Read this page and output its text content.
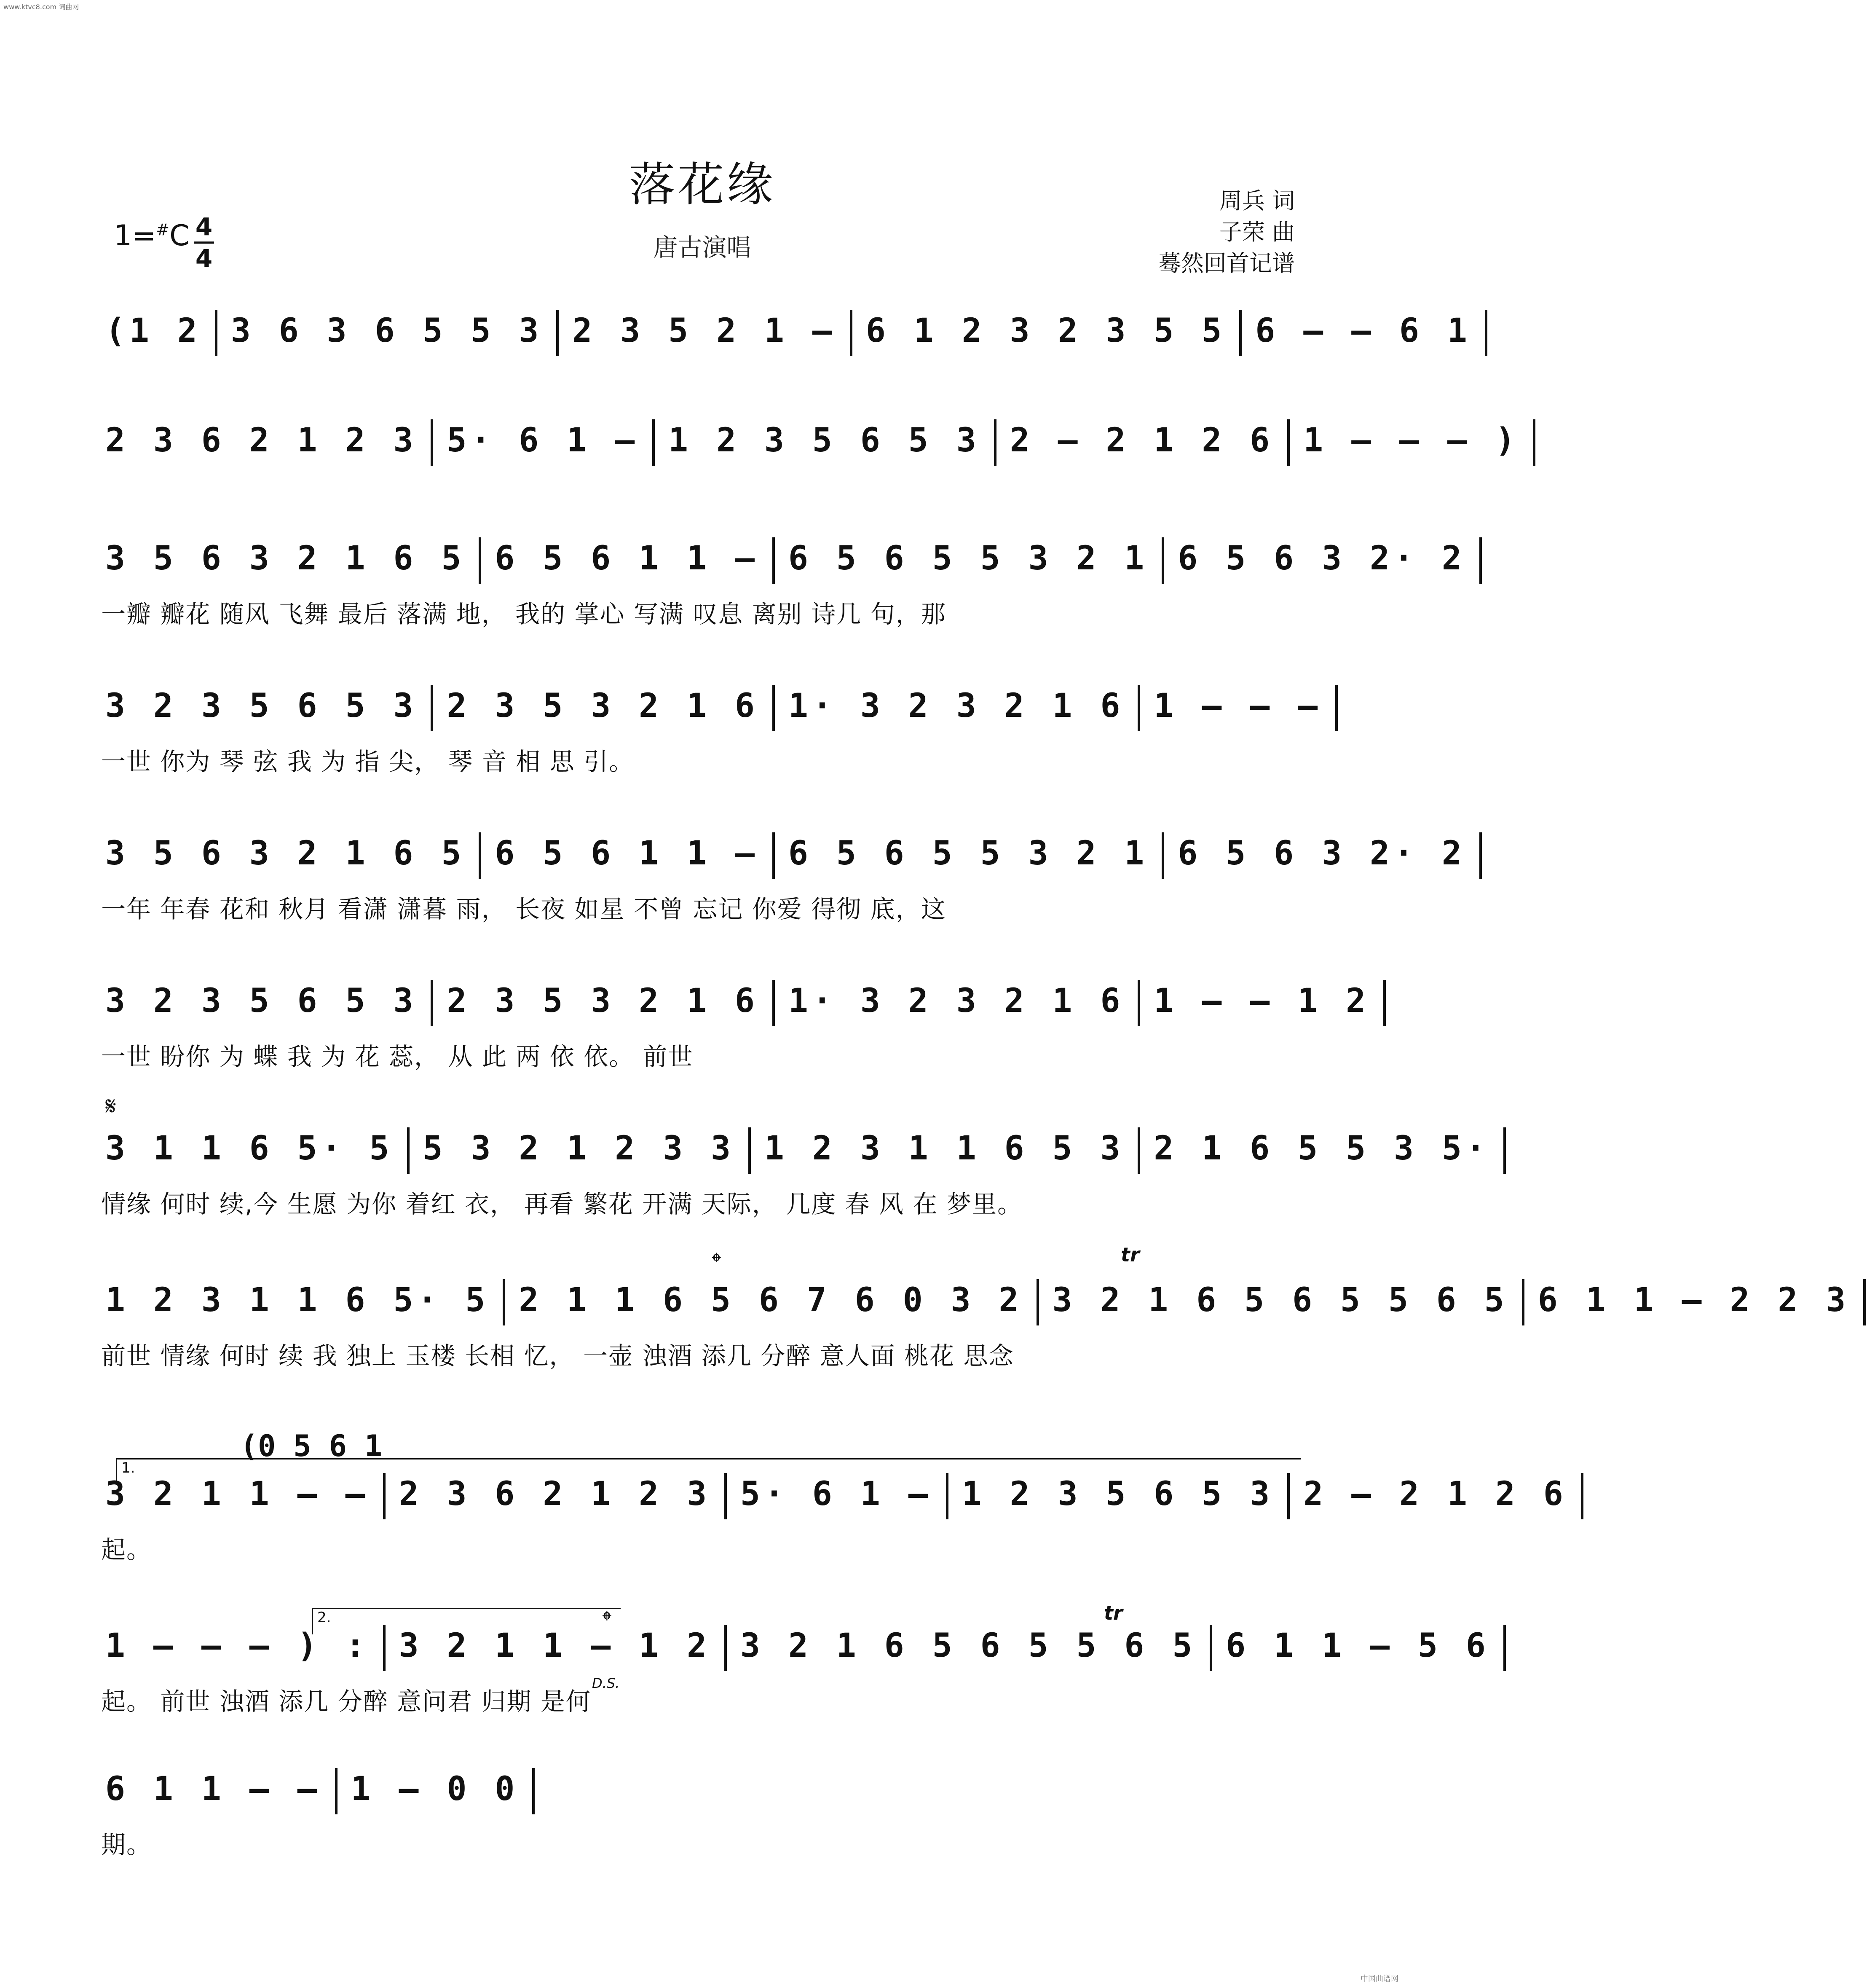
www.ktvc8.com 词曲网
落花缘
唐古演唱
周兵 词
子荣 曲
蓦然回首记谱
1=#C 4
4
(1 2 3 6 3 6 5 5 3 2 3 5 2 1 – 6 1 2 3 2 3 5 5 6 – – 6 1
2 3 6 2 1 2 3 5· 6 1 – 1 2 3 5 6 5 3 2 – 2 1 2 6 1 – – – )
3 5 6 3 2 1 6 5 6 5 6 1 1 – 6 5 6 5 5 3 2 1 6 5 6 3 2· 2
一瓣 瓣花 随风 飞舞 最后 落满 地， 我的 掌心 写满 叹息 离别 诗几 句，那
3 2 3 5 6 5 3 2 3 5 3 2 1 6 1· 3 2 3 2 1 6 1 – – –
一世 你为 琴 弦 我 为 指 尖， 琴 音 相 思 引。
3 5 6 3 2 1 6 5 6 5 6 1 1 – 6 5 6 5 5 3 2 1 6 5 6 3 2· 2
一年 年春 花和 秋月 看潇 潇暮 雨， 长夜 如星 不曾 忘记 你爱 得彻 底，这
3 2 3 5 6 5 3 2 3 5 3 2 1 6 1· 3 2 3 2 1 6 1 – – 1 2
一世 盼你 为 蝶 我 为 花 蕊， 从 此 两 依 依。 前世
3 1 1 6 5· 5 5 3 2 1 2 3 3 1 2 3 1 1 6 5 3 2 1 6 5 5 3 5·
情缘 何时 续,今 生愿 为你 着红 衣， 再看 繁花 开满 天际， 几度 春 风 在 梦里。
1 2 3 1 1 6 5· 5 2 1 1 6 5 6 7 6 0 3 2 3 2 1 6 5 6 5 5 6 5 6 1 1 – 2 2 3
前世 情缘 何时 续 我 独上 玉楼 长相 忆， 一壶 浊酒 添几 分醉 意人面 桃花 思念
3 2 1 1 – – 2 3 6 2 1 2 3 5· 6 1 – 1 2 3 5 6 5 3 2 – 2 1 2 6
起。
1 – – – ) : 3 2 1 1 – 1 2 3 2 1 6 5 6 5 5 6 5 6 1 1 – 5 6
起。 前世 浊酒 添几 分醉 意问君 归期 是何
6 1 1 – – 1 – 0 0
期。
𝄋
𝄌	tr
(0 5 6 1
1.
2.	𝄌
D.S.
tr
中国曲谱网
